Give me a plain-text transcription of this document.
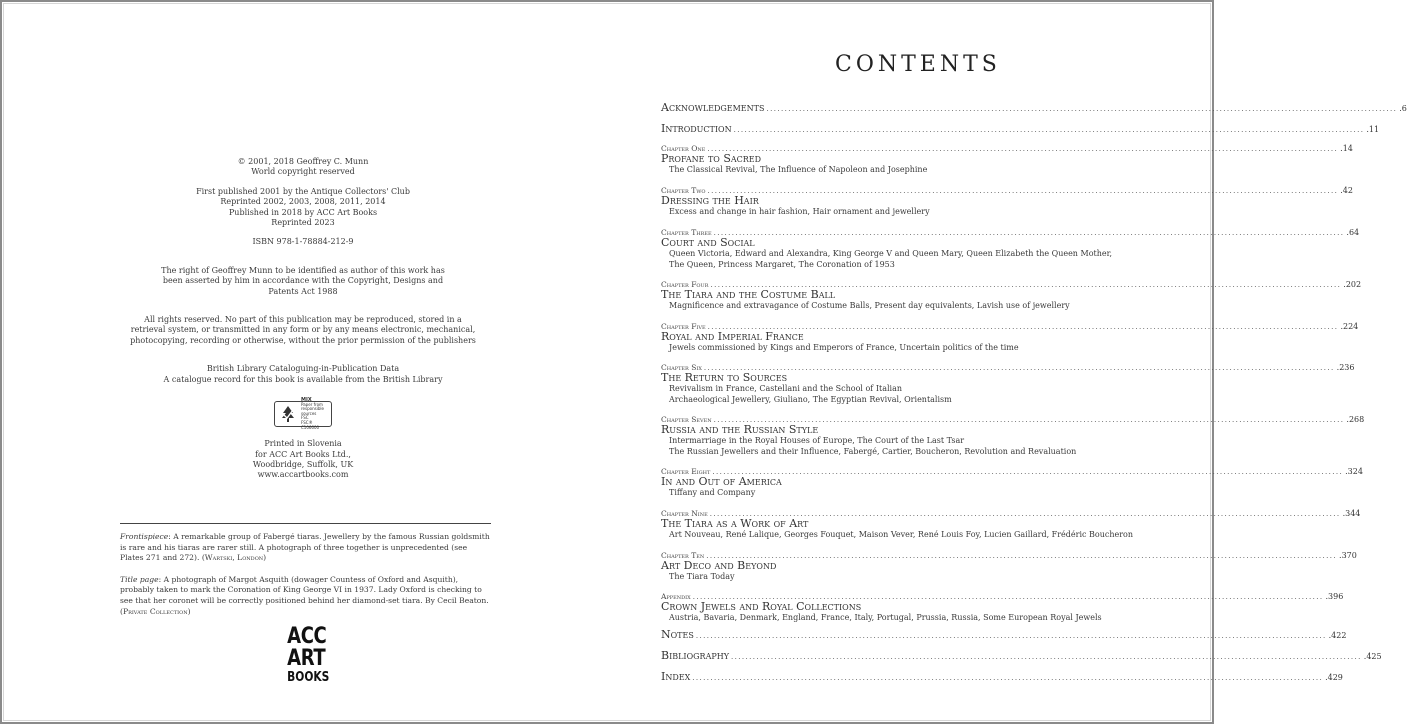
© 2001, 2018 Geoffrey C. Munn

World copyright reserved

First published 2001 by the Antique Collectors' Club

Reprinted 2002, 2003, 2008, 2011, 2014

Published in 2018 by ACC Art Books

Reprinted 2023

ISBN 978-1-78884-212-9

The right of Geoffrey Munn to be identified as author of this work has

been asserted by him in accordance with the Copyright, Designs and

Patents Act 1988

All rights reserved. No part of this publication may be reproduced, stored in a

retrieval system, or transmitted in any form or by any means electronic, mechanical,

photocopying, recording or otherwise, without the prior permission of the publishers

British Library Cataloguing-in-Publication Data

A catalogue record for this book is available from the British Library

MIX
Paper from
responsible sources
FSC
FSC® C106600

Printed in Slovenia

for ACC Art Books Ltd.,

Woodbridge, Suffolk, UK

www.accartbooks.com

Frontispiece: A remarkable group of Fabergé tiaras. Jewellery by the famous Russian goldsmith is rare and his tiaras are rarer still. A photograph of three together is unprecedented (see Plates 271 and 272). (Wartski, London)

Title page: A photograph of Margot Asquith (dowager Countess of Oxford and Asquith), probably taken to mark the Coronation of King George VI in 1937. Lady Oxford is checking to see that her coronet will be correctly positioned behind her diamond-set tiara. By Cecil Beaton. (Private Collection)

ACC
ART
BOOKS
CONTENTS
Acknowledgements .............................................................................................................................................................................. .6
Introduction .............................................................................................................................................................................. .11
Notes .............................................................................................................................................................................. .422
Bibliography .............................................................................................................................................................................. .425
Index .............................................................................................................................................................................. .429
Chapter One .............................................................................................................................................................................. .14
Profane to Sacred
The Classical Revival, The Influence of Napoleon and Josephine
Chapter Two .............................................................................................................................................................................. .42
Dressing the Hair
Excess and change in hair fashion, Hair ornament and jewellery
Chapter Three .............................................................................................................................................................................. .64
Court and Social
Queen Victoria, Edward and Alexandra, King George V and Queen Mary, Queen Elizabeth the Queen Mother,
The Queen, Princess Margaret, The Coronation of 1953
Chapter Four .............................................................................................................................................................................. .202
The Tiara and the Costume Ball
Magnificence and extravagance of Costume Balls, Present day equivalents, Lavish use of jewellery
Chapter Five .............................................................................................................................................................................. .224
Royal and Imperial France
Jewels commissioned by Kings and Emperors of France, Uncertain politics of the time
Chapter Six .............................................................................................................................................................................. .236
The Return to Sources
Revivalism in France, Castellani and the School of Italian
Archaeological Jewellery, Giuliano, The Egyptian Revival, Orientalism
Chapter Seven .............................................................................................................................................................................. .268
Russia and the Russian Style
Intermarriage in the Royal Houses of Europe, The Court of the Last Tsar
The Russian Jewellers and their Influence, Fabergé, Cartier, Boucheron, Revolution and Revaluation
Chapter Eight .............................................................................................................................................................................. .324
In and Out of America
Tiffany and Company
Chapter Nine .............................................................................................................................................................................. .344
The Tiara as a Work of Art
Art Nouveau, René Lalique, Georges Fouquet, Maison Vever, René Louis Foy, Lucien Gaillard, Frédéric Boucheron
Chapter Ten .............................................................................................................................................................................. .370
Art Deco and Beyond
The Tiara Today
Appendix .............................................................................................................................................................................. .396
Crown Jewels and Royal Collections
Austria, Bavaria, Denmark, England, France, Italy, Portugal, Prussia, Russia, Some European Royal Jewels
